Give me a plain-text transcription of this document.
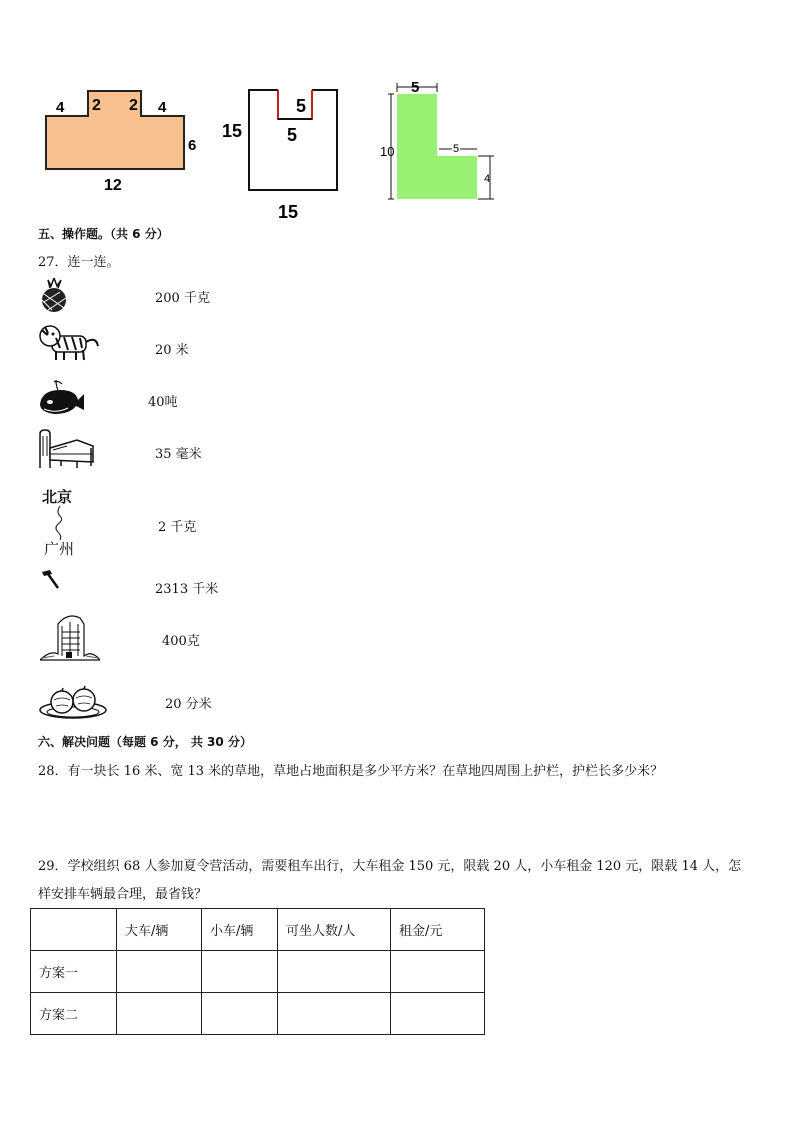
4 2 2 4
6
12
15
5
5
15
5
10	5
4
五、操作题。（共 6 分）
27．连一连。
200 千克
20 米
40吨
35 毫米
北京
广州
2 千克
2313 千米
400克
20 分米
六、解决问题（每题 6 分， 共 30 分）
28．有一块长 16 米、宽 13 米的草地，草地占地面积是多少平方米？在草地四周围上护栏，护栏长多少米？
29．学校组织 68 人参加夏令营活动，需要租车出行，大车租金 150 元，限载 20 人，小车租金 120 元，限载 14 人，怎
样安排车辆最合理，最省钱？
	大车/辆	小车/辆	可坐人数/人	租金/元
方案一				
方案二				
